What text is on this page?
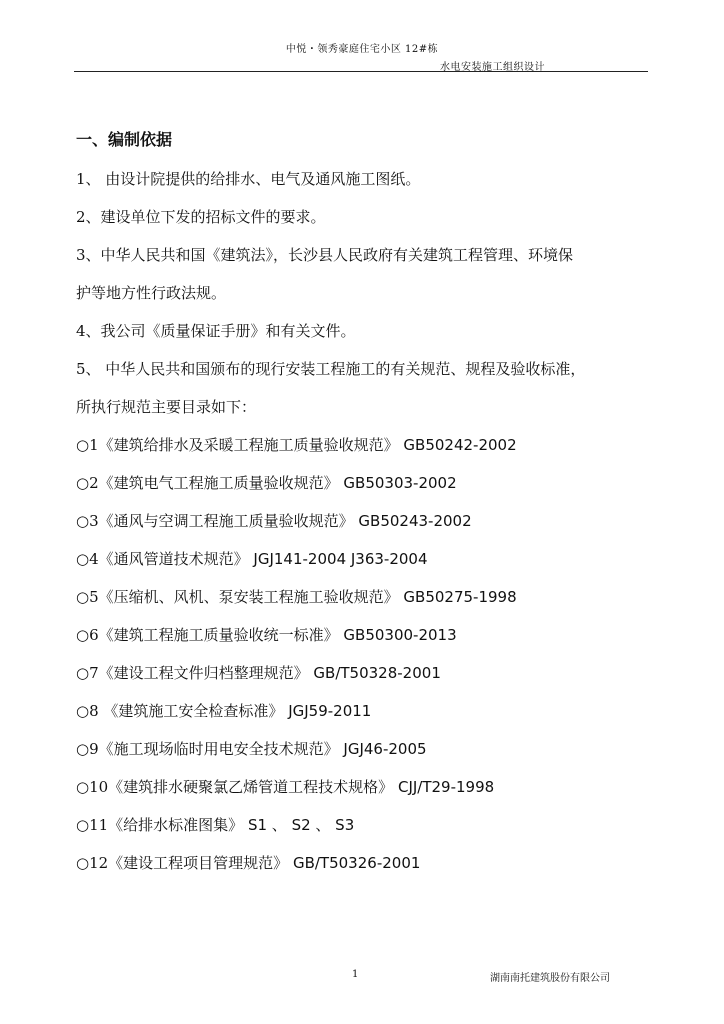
中悦・领秀豪庭住宅小区 12#栋
水电安装施工组织设计
一、编制依据
1、 由设计院提供的给排水、电气及通风施工图纸。
2、建设单位下发的招标文件的要求。
3、中华人民共和国《建筑法》，长沙县人民政府有关建筑工程管理、环境保
护等地方性行政法规。
4、我公司《质量保证手册》和有关文件。
5、 中华人民共和国颁布的现行安装工程施工的有关规范、规程及验收标准，
所执行规范主要目录如下：
○1《建筑给排水及采暖工程施工质量验收规范》 GB50242-2002
○2《建筑电气工程施工质量验收规范》 GB50303-2002
○3《通风与空调工程施工质量验收规范》 GB50243-2002
○4《通风管道技术规范》 JGJ141-2004 J363-2004
○5《压缩机、风机、泵安装工程施工验收规范》 GB50275-1998
○6《建筑工程施工质量验收统一标准》 GB50300-2013
○7《建设工程文件归档整理规范》 GB/T50328-2001
○8 《建筑施工安全检查标准》 JGJ59-2011
○9《施工现场临时用电安全技术规范》 JGJ46-2005
○10《建筑排水硬聚氯乙烯管道工程技术规格》 CJJ/T29-1998
○11《给排水标准图集》 S1 、 S2 、 S3
○12《建设工程项目管理规范》 GB/T50326-2001
1	湖南南托建筑股份有限公司
